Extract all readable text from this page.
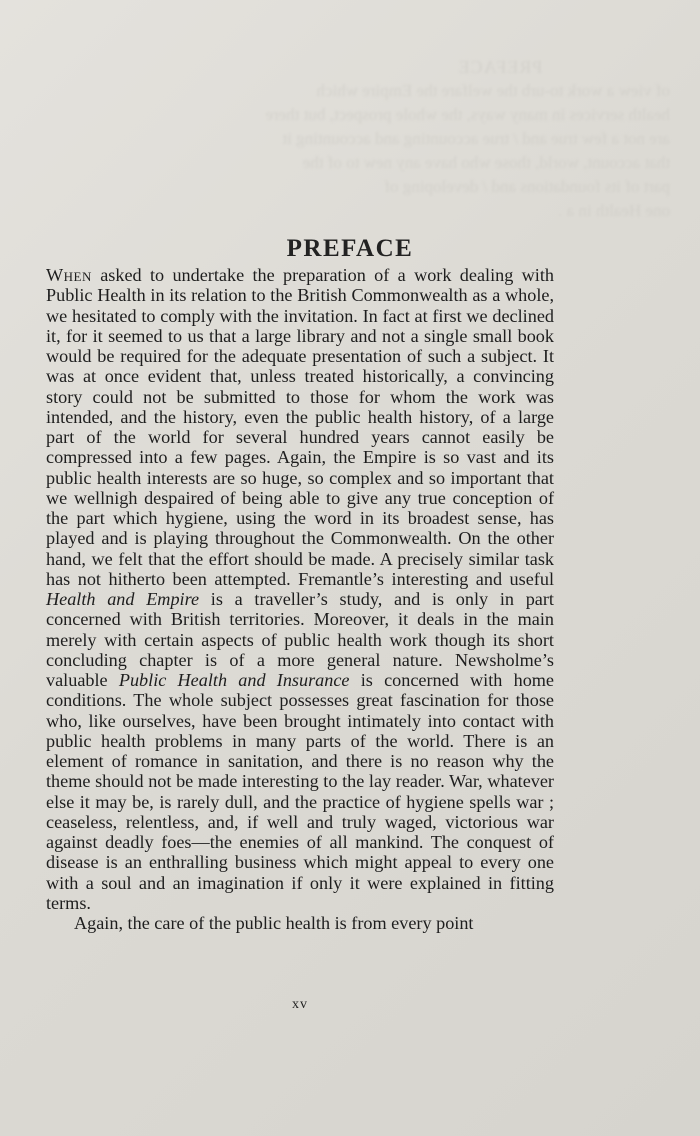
PREFACE
of view a work to-urb the welfare the Empire which
health services in many ways, the whole prospect, but there
are not a few true and / true accounting and accounting it
that account, world, those who have any new to of the
part of its foundations and / developing of
one Health in a .
PREFACE

When asked to undertake the preparation of a work dealing with Public Health in its relation to the British Commonwealth as a whole, we hesitated to comply with the invitation. In fact at first we declined it, for it seemed to us that a large library and not a single small book would be required for the adequate presentation of such a subject. It was at once evident that, unless treated historically, a convincing story could not be submitted to those for whom the work was intended, and the history, even the public health history, of a large part of the world for several hundred years cannot easily be compressed into a few pages. Again, the Empire is so vast and its public health interests are so huge, so complex and so important that we wellnigh despaired of being able to give any true conception of the part which hygiene, using the word in its broadest sense, has played and is playing throughout the Commonwealth. On the other hand, we felt that the effort should be made. A precisely similar task has not hitherto been attempted. Fremantle’s interesting and useful Health and Empire is a traveller’s study, and is only in part concerned with British territories. Moreover, it deals in the main merely with certain aspects of public health work though its short concluding chapter is of a more general nature. Newsholme’s valuable Public Health and Insurance is concerned with home conditions. The whole subject possesses great fascination for those who, like ourselves, have been brought intimately into contact with public health problems in many parts of the world. There is an element of romance in sanitation, and there is no reason why the theme should not be made interesting to the lay reader. War, whatever else it may be, is rarely dull, and the practice of hygiene spells war ; ceaseless, relentless, and, if well and truly waged, victorious war against deadly foes—the enemies of all mankind. The conquest of disease is an enthralling business which might appeal to every one with a soul and an imagination if only it were explained in fitting terms.

Again, the care of the public health is from every point

xv
